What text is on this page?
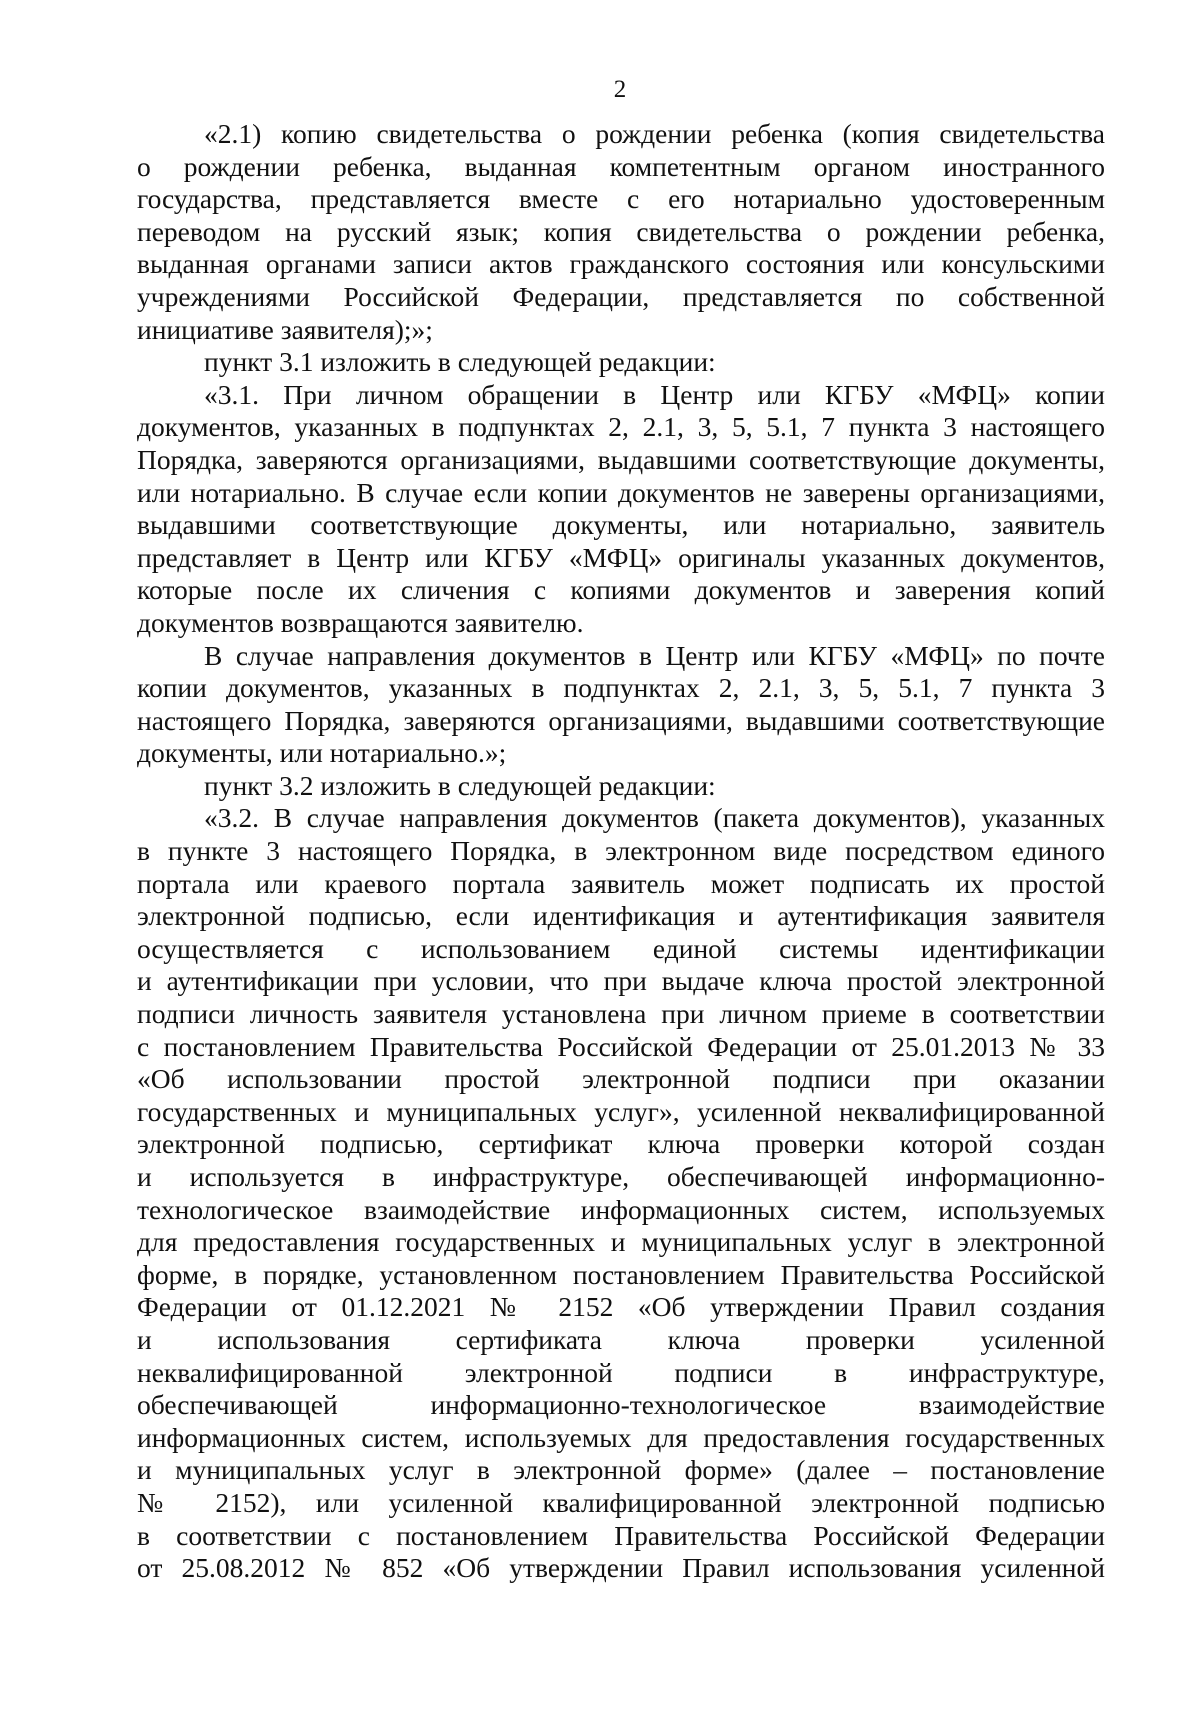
2
«2.1) копию свидетельства о рождении ребенка (копия свидетельства
о рождении ребенка, выданная компетентным органом иностранного
государства, представляется вместе с его нотариально удостоверенным
переводом на русский язык; копия свидетельства о рождении ребенка,
выданная органами записи актов гражданского состояния или консульскими
учреждениями Российской Федерации, представляется по собственной
инициативе заявителя);»;
пункт 3.1 изложить в следующей редакции:
«3.1. При личном обращении в Центр или КГБУ «МФЦ» копии
документов, указанных в подпунктах 2, 2.1, 3, 5, 5.1, 7 пункта 3 настоящего
Порядка, заверяются организациями, выдавшими соответствующие документы,
или нотариально. В случае если копии документов не заверены организациями,
выдавшими соответствующие документы, или нотариально, заявитель
представляет в Центр или КГБУ «МФЦ» оригиналы указанных документов,
которые после их сличения с копиями документов и заверения копий
документов возвращаются заявителю.
В случае направления документов в Центр или КГБУ «МФЦ» по почте
копии документов, указанных в подпунктах 2, 2.1, 3, 5, 5.1, 7 пункта 3
настоящего Порядка, заверяются организациями, выдавшими соответствующие
документы, или нотариально.»;
пункт 3.2 изложить в следующей редакции:
«3.2. В случае направления документов (пакета документов), указанных
в пункте 3 настоящего Порядка, в электронном виде посредством единого
портала или краевого портала заявитель может подписать их простой
электронной подписью, если идентификация и аутентификация заявителя
осуществляется с использованием единой системы идентификации
и аутентификации при условии, что при выдаче ключа простой электронной
подписи личность заявителя установлена при личном приеме в соответствии
с постановлением Правительства Российской Федерации от 25.01.2013 № 33
«Об использовании простой электронной подписи при оказании
государственных и муниципальных услуг», усиленной неквалифицированной
электронной подписью, сертификат ключа проверки которой создан
и используется в инфраструктуре, обеспечивающей информационно-
технологическое взаимодействие информационных систем, используемых
для предоставления государственных и муниципальных услуг в электронной
форме, в порядке, установленном постановлением Правительства Российской
Федерации от 01.12.2021 № 2152 «Об утверждении Правил создания
и использования сертификата ключа проверки усиленной
неквалифицированной электронной подписи в инфраструктуре,
обеспечивающей информационно-технологическое взаимодействие
информационных систем, используемых для предоставления государственных
и муниципальных услуг в электронной форме» (далее – постановление
№ 2152), или усиленной квалифицированной электронной подписью
в соответствии с постановлением Правительства Российской Федерации
от 25.08.2012 № 852 «Об утверждении Правил использования усиленной
